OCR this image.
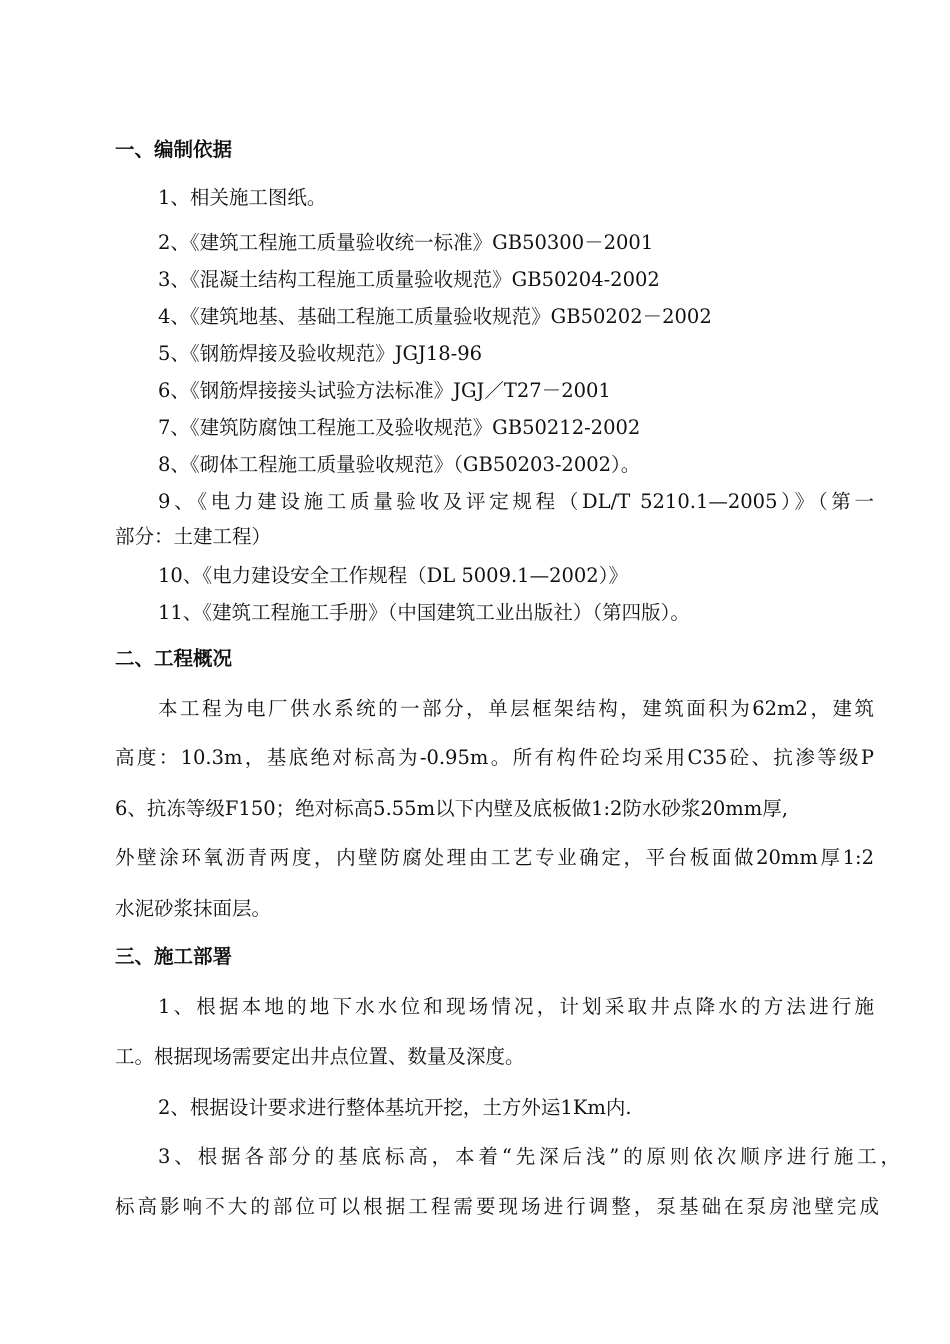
一、编制依据
1、相关施工图纸。
2、《建筑工程施工质量验收统一标准》GB50300－2001
3、《混凝土结构工程施工质量验收规范》GB50204-2002
4、《建筑地基、基础工程施工质量验收规范》GB50202－2002
5、《钢筋焊接及验收规范》JGJ18-96
6、《钢筋焊接接头试验方法标准》JGJ／T27－2001
7、《建筑防腐蚀工程施工及验收规范》GB50212-2002
8、《砌体工程施工质量验收规范》（GB50203-2002）。
9、《电力建设施工质量验收及评定规程（DL/T 5210.1—2005）》（第一
部分：土建工程）
10、《电力建设安全工作规程（DL 5009.1—2002）》
11、《建筑工程施工手册》（中国建筑工业出版社）（第四版）。
二、工程概况
本工程为电厂供水系统的一部分，单层框架结构，建筑面积为62m2，建筑
高度：10.3m，基底绝对标高为-0.95m。所有构件砼均采用C35砼、抗渗等级P
6、抗冻等级F150；绝对标高5.55m以下内壁及底板做1:2防水砂浆20mm厚,
外壁涂环氧沥青两度，内壁防腐处理由工艺专业确定，平台板面做20mm厚1:2
水泥砂浆抹面层。
三、施工部署
1、根据本地的地下水水位和现场情况，计划采取井点降水的方法进行施
工。根据现场需要定出井点位置、数量及深度。
2、根据设计要求进行整体基坑开挖，土方外运1Km内.
3、根据各部分的基底标高，本着“先深后浅”的原则依次顺序进行施工，
标高影响不大的部位可以根据工程需要现场进行调整，泵基础在泵房池壁完成
